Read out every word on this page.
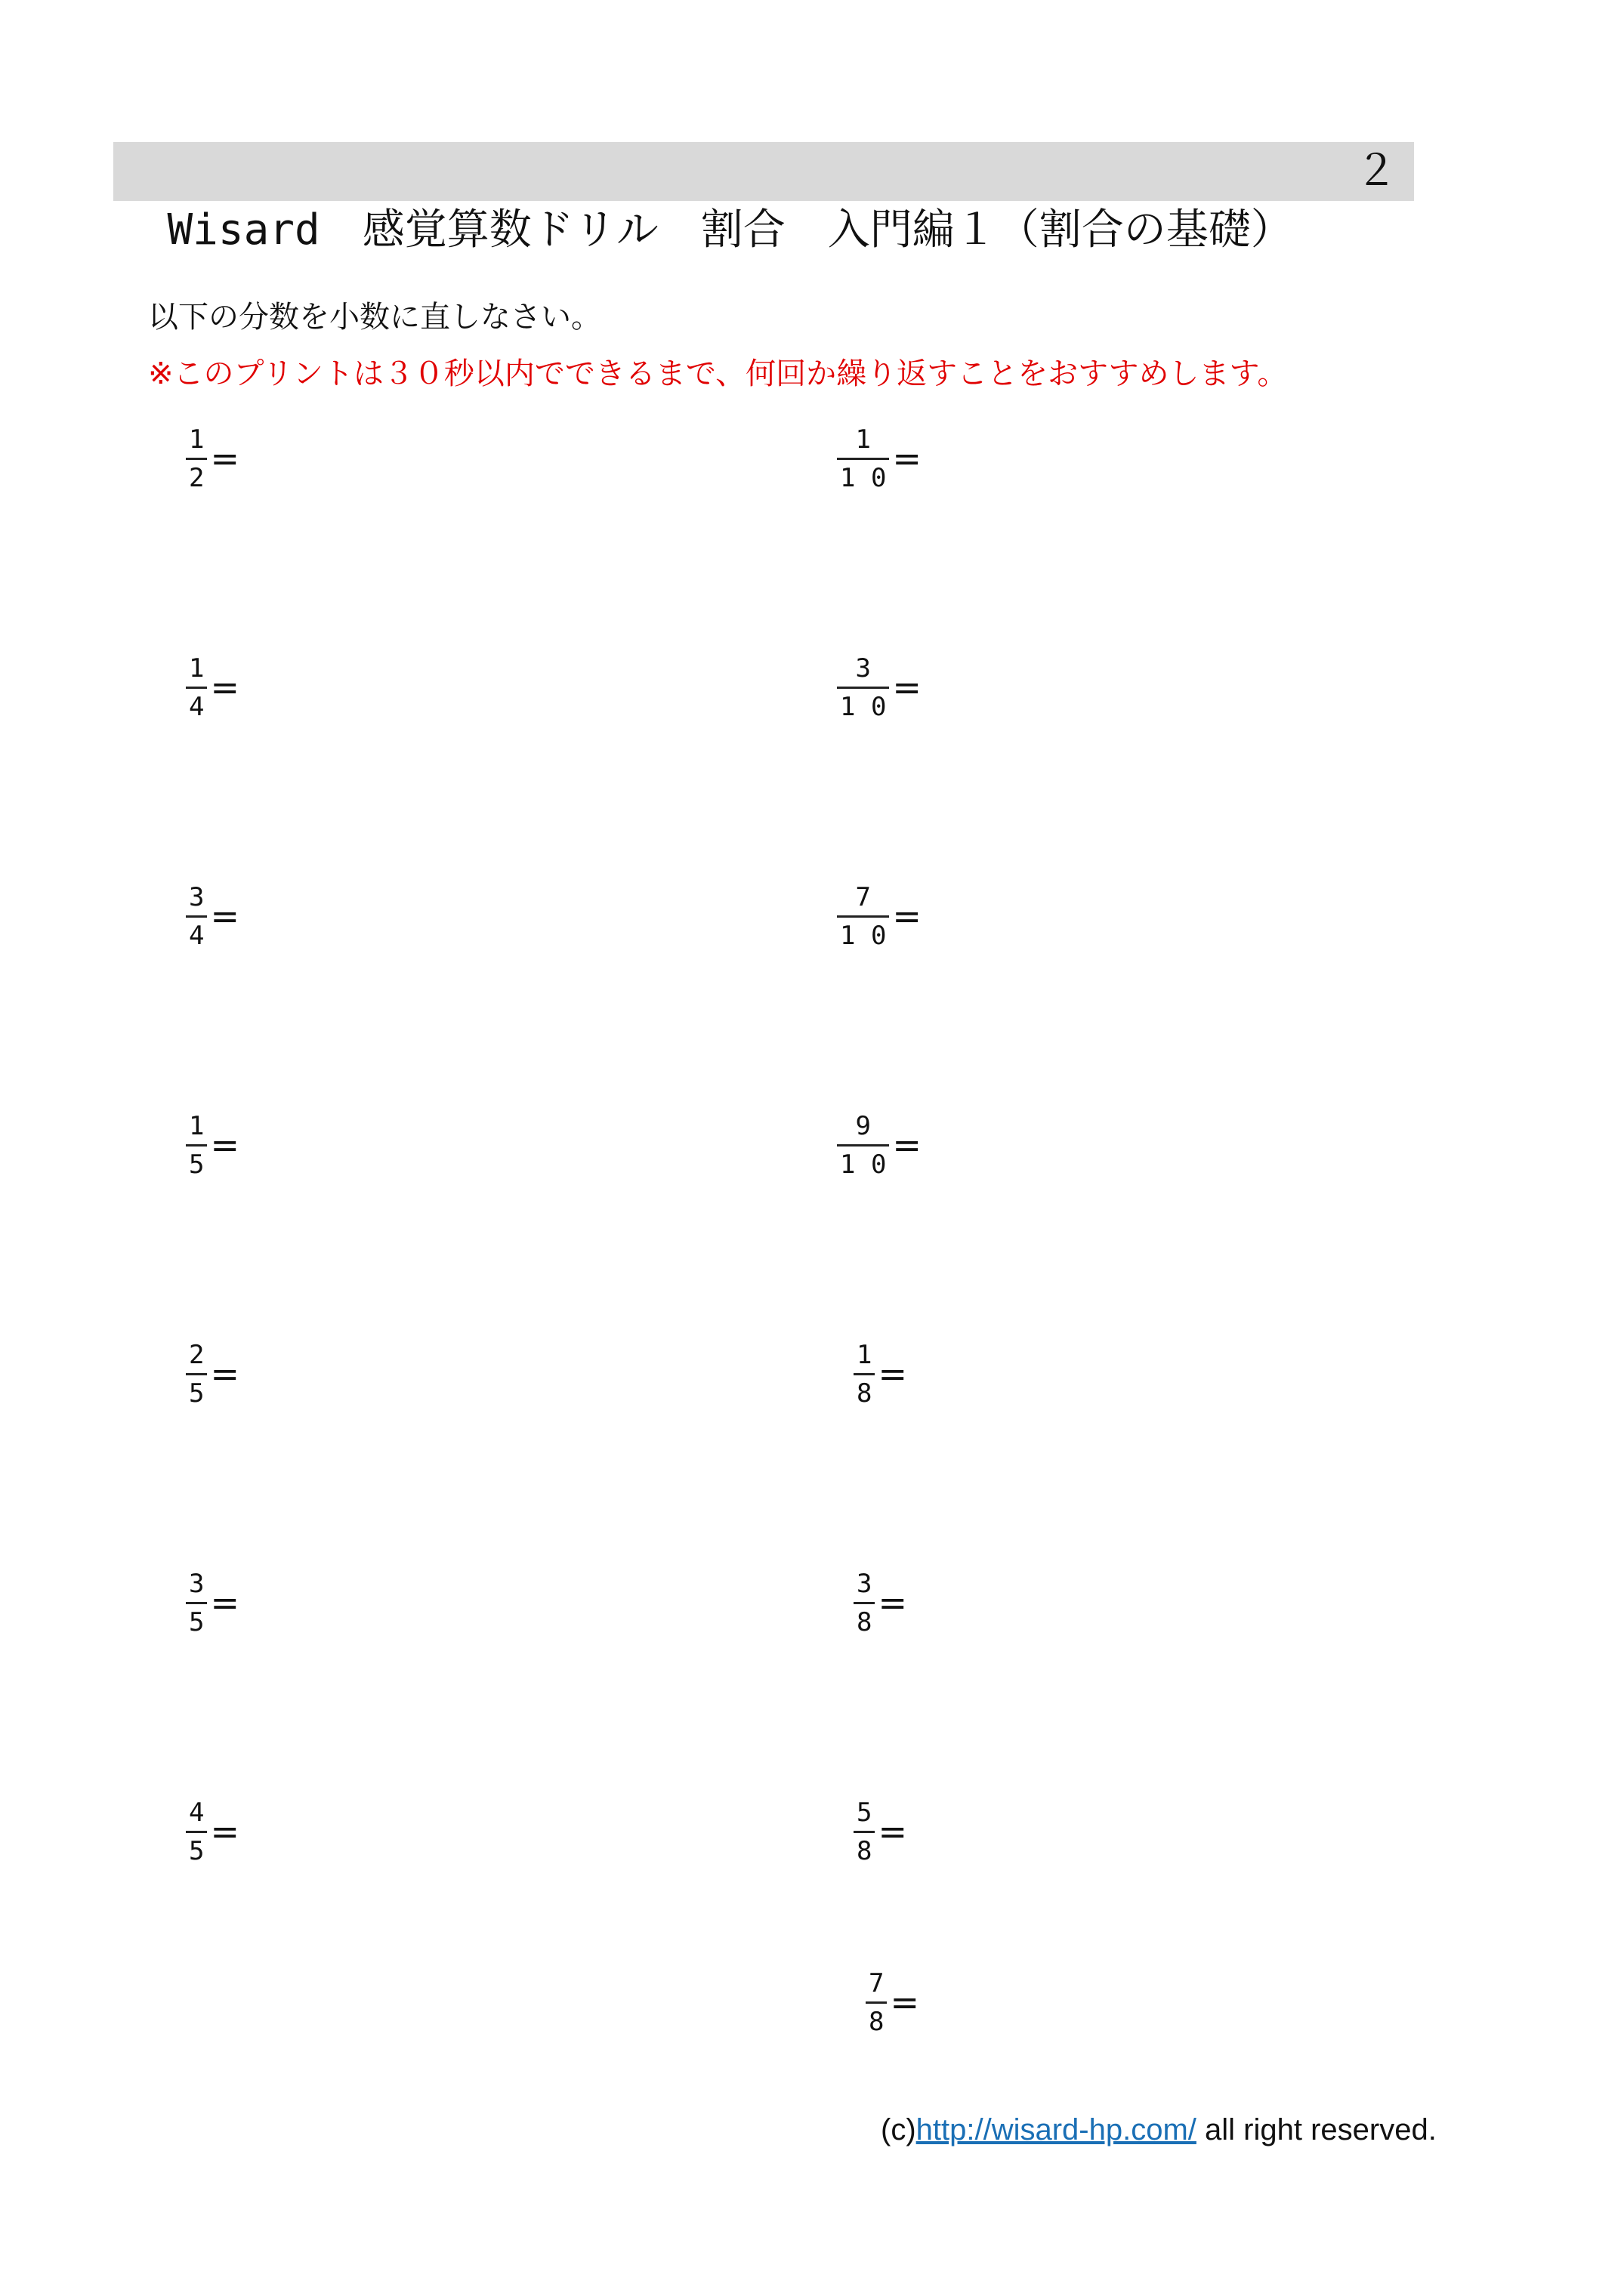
Wisard　感覚算数ドリル　割合　入門編１（割合の基礎）

２

以下の分数を小数に直しなさい。
※このプリントは３０秒以内でできるまで、何回か繰り返すことをおすすめします。
$\frac{1}{2}$ =
$\frac{1}{4}$ =
$\frac{3}{4}$ =
$\frac{1}{5}$ =
$\frac{2}{5}$ =
$\frac{3}{5}$ =
$\frac{4}{5}$ =
$\frac{1}{1 0}$ =
$\frac{3}{1 0}$ =
$\frac{7}{1 0}$ =
$\frac{9}{1 0}$ =
$\frac{1}{8}$ =
$\frac{3}{8}$ =
$\frac{5}{8}$ =
$\frac{7}{8}$ =
(c)http://wisard-hp.com/ all right reserved.
